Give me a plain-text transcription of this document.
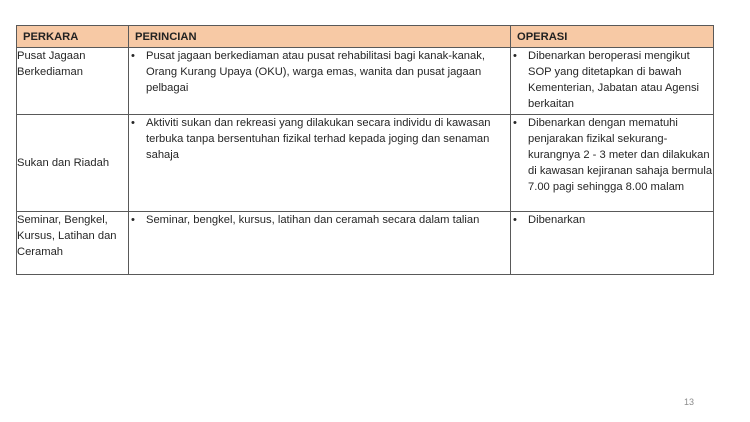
PERKARA	PERINCIAN	OPERASI
Pusat Jagaan Berkediaman	• Pusat jagaan berkediaman atau pusat rehabilitasi bagi kanak-kanak, Orang Kurang Upaya (OKU), warga emas, wanita dan pusat jagaan pelbagai	• Dibenarkan beroperasi mengikut SOP yang ditetapkan di bawah Kementerian, Jabatan atau Agensi berkaitan

Sukan dan Riadah	• Aktiviti sukan dan rekreasi yang dilakukan secara individu di kawasan terbuka tanpa bersentuhan fizikal terhad kepada joging dan senaman sahaja	• Dibenarkan dengan mematuhi penjarakan fizikal sekurang-kurangnya 2 - 3 meter dan dilakukan di kawasan kejiranan sahaja bermula 7.00 pagi sehingga 8.00 malam

Seminar, Bengkel, Kursus, Latihan dan Ceramah	• Seminar, bengkel, kursus, latihan dan ceramah secara dalam talian	• Dibenarkan
13
